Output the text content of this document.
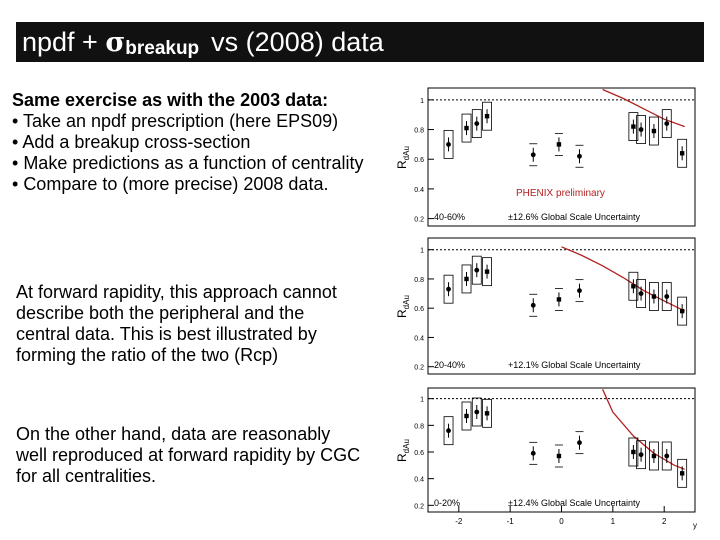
npdf + σ breakup vs (2008) data

Same exercise as with the 2003 data:

• Take an npdf prescription (here EPS09)
• Add a breakup cross-section
• Make predictions as a function of centrality
• Compare to (more precise) 2008 data.

At forward rapidity, this approach cannot describe both the peripheral and the central data. This is best illustrated by forming the ratio of the two (Rcp)

On the other hand, data are reasonably well reproduced at forward rapidity by CGC for all centralities.

1
0.8
0.6
0.4
0.2
$R_{dAu}$
40-60%	±12.6% Global Scale Uncertainty
PHENIX preliminary
1
0.8
0.6
0.4
0.2
$R_{dAu}$
20-40%	+12.1% Global Scale Uncertainty
1
0.8
0.6
0.4
0.2
$R_{dAu}$
0-20%	±12.4% Global Scale Uncertainty
-2	-1	0	1	2	y
